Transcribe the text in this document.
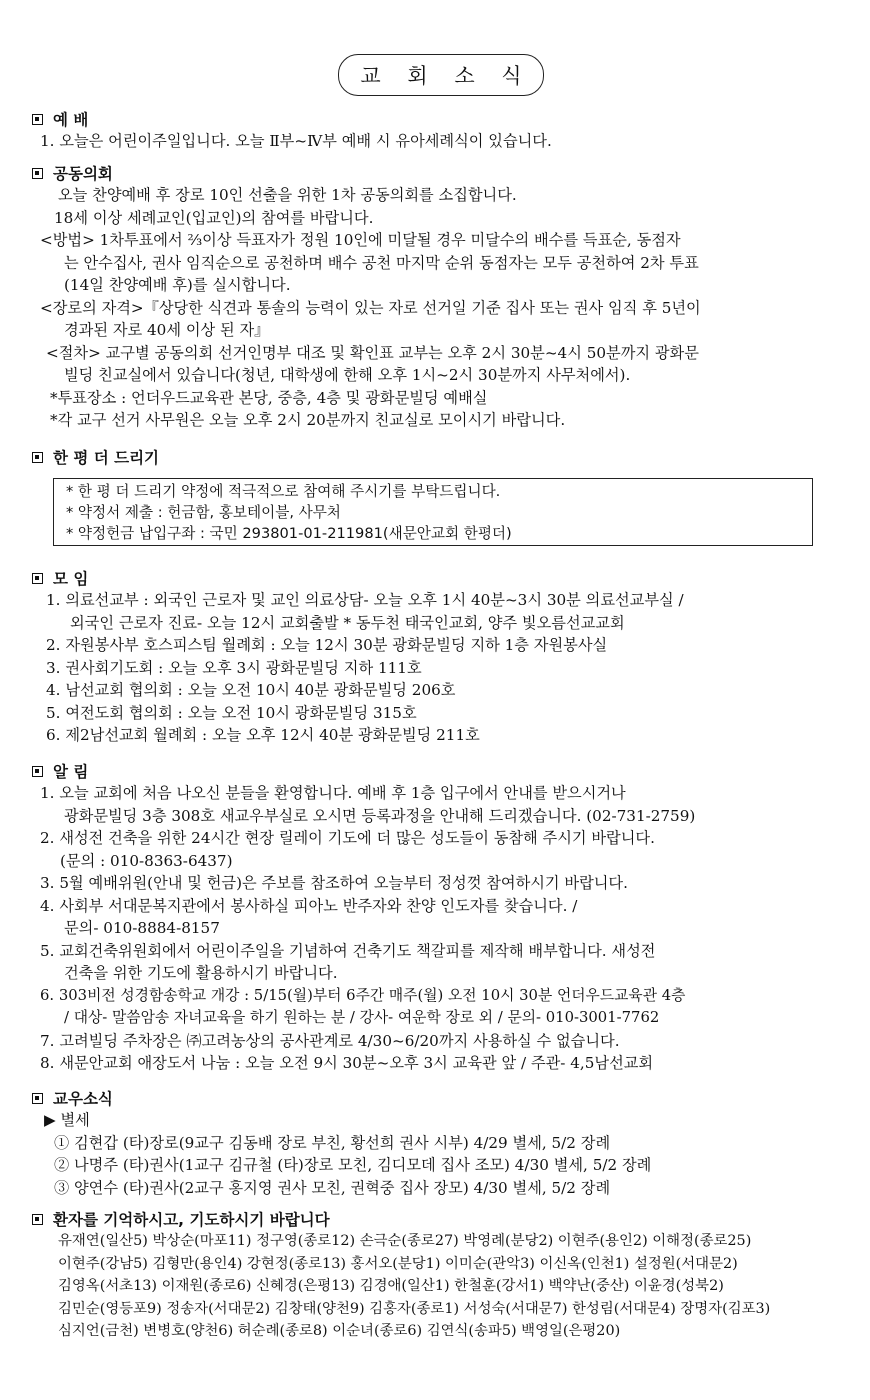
교 회 소 식
예 배
1. 오늘은 어린이주일입니다. 오늘 Ⅱ부~Ⅳ부 예배 시 유아세례식이 있습니다.
공동의회
오늘 찬양예배 후 장로 10인 선출을 위한 1차 공동의회를 소집합니다.
18세 이상 세례교인(입교인)의 참여를 바랍니다.
<방법> 1차투표에서 ⅔이상 득표자가 정원 10인에 미달될 경우 미달수의 배수를 득표순, 동점자
는 안수집사, 권사 임직순으로 공천하며 배수 공천 마지막 순위 동점자는 모두 공천하여 2차 투표
(14일 찬양예배 후)를 실시합니다.
<장로의 자격>『상당한 식견과 통솔의 능력이 있는 자로 선거일 기준 집사 또는 권사 임직 후 5년이
경과된 자로 40세 이상 된 자』
<절차> 교구별 공동의회 선거인명부 대조 및 확인표 교부는 오후 2시 30분~4시 50분까지 광화문
빌딩 친교실에서 있습니다(청년, 대학생에 한해 오후 1시~2시 30분까지 사무처에서).
*투표장소 : 언더우드교육관 본당, 중층, 4층 및 광화문빌딩 예배실
*각 교구 선거 사무원은 오늘 오후 2시 20분까지 친교실로 모이시기 바랍니다.
한 평 더 드리기
* 한 평 더 드리기 약정에 적극적으로 참여해 주시기를 부탁드립니다.
* 약정서 제출 : 헌금함, 홍보테이블, 사무처
* 약정헌금 납입구좌 : 국민 293801-01-211981(새문안교회 한평더)
모 임
1. 의료선교부 : 외국인 근로자 및 교인 의료상담- 오늘 오후 1시 40분~3시 30분 의료선교부실 /
외국인 근로자 진료- 오늘 12시 교회출발 * 동두천 태국인교회, 양주 빛오름선교교회
2. 자원봉사부 호스피스팀 월례회 : 오늘 12시 30분 광화문빌딩 지하 1층 자원봉사실
3. 권사회기도회 : 오늘 오후 3시 광화문빌딩 지하 111호
4. 남선교회 협의회 : 오늘 오전 10시 40분 광화문빌딩 206호
5. 여전도회 협의회 : 오늘 오전 10시 광화문빌딩 315호
6. 제2남선교회 월례회 : 오늘 오후 12시 40분 광화문빌딩 211호
알 림
1. 오늘 교회에 처음 나오신 분들을 환영합니다. 예배 후 1층 입구에서 안내를 받으시거나
광화문빌딩 3층 308호 새교우부실로 오시면 등록과정을 안내해 드리겠습니다. (02-731-2759)
2. 새성전 건축을 위한 24시간 현장 릴레이 기도에 더 많은 성도들이 동참해 주시기 바랍니다.
(문의 : 010-8363-6437)
3. 5월 예배위원(안내 및 헌금)은 주보를 참조하여 오늘부터 정성껏 참여하시기 바랍니다.
4. 사회부 서대문복지관에서 봉사하실 피아노 반주자와 찬양 인도자를 찾습니다. /
문의- 010-8884-8157
5. 교회건축위원회에서 어린이주일을 기념하여 건축기도 책갈피를 제작해 배부합니다. 새성전
건축을 위한 기도에 활용하시기 바랍니다.
6. 303비전 성경함송학교 개강 : 5/15(월)부터 6주간 매주(월) 오전 10시 30분 언더우드교육관 4층
/ 대상- 말씀암송 자녀교육을 하기 원하는 분 / 강사- 여운학 장로 외 / 문의- 010-3001-7762
7. 고려빌딩 주차장은 ㈜고려농상의 공사관계로 4/30~6/20까지 사용하실 수 없습니다.
8. 새문안교회 애장도서 나눔 : 오늘 오전 9시 30분~오후 3시 교육관 앞 / 주관- 4,5남선교회
교우소식
▶ 별세
① 김현갑 (타)장로(9교구 김동배 장로 부친, 황선희 권사 시부) 4/29 별세, 5/2 장례
② 나명주 (타)권사(1교구 김규철 (타)장로 모친, 김디모데 집사 조모) 4/30 별세, 5/2 장례
③ 양연수 (타)권사(2교구 홍지영 권사 모친, 권혁중 집사 장모) 4/30 별세, 5/2 장례
환자를 기억하시고, 기도하시기 바랍니다
유재연(일산5) 박상순(마포11) 정구영(종로12) 손극순(종로27) 박영례(분당2) 이현주(용인2) 이해정(종로25)
이현주(강남5) 김형만(용인4) 강현정(종로13) 홍서오(분당1) 이미순(관악3) 이신옥(인천1) 설정원(서대문2)
김영옥(서초13) 이재원(종로6) 신혜경(은평13) 김경애(일산1) 한철훈(강서1) 백약난(중산) 이윤경(성북2)
김민순(영등포9) 정송자(서대문2) 김창태(양천9) 김홍자(종로1) 서성숙(서대문7) 한성림(서대문4) 장명자(김포3)
심지언(금천) 변병호(양천6) 허순례(종로8) 이순녀(종로6) 김연식(송파5) 백영일(은평20)
